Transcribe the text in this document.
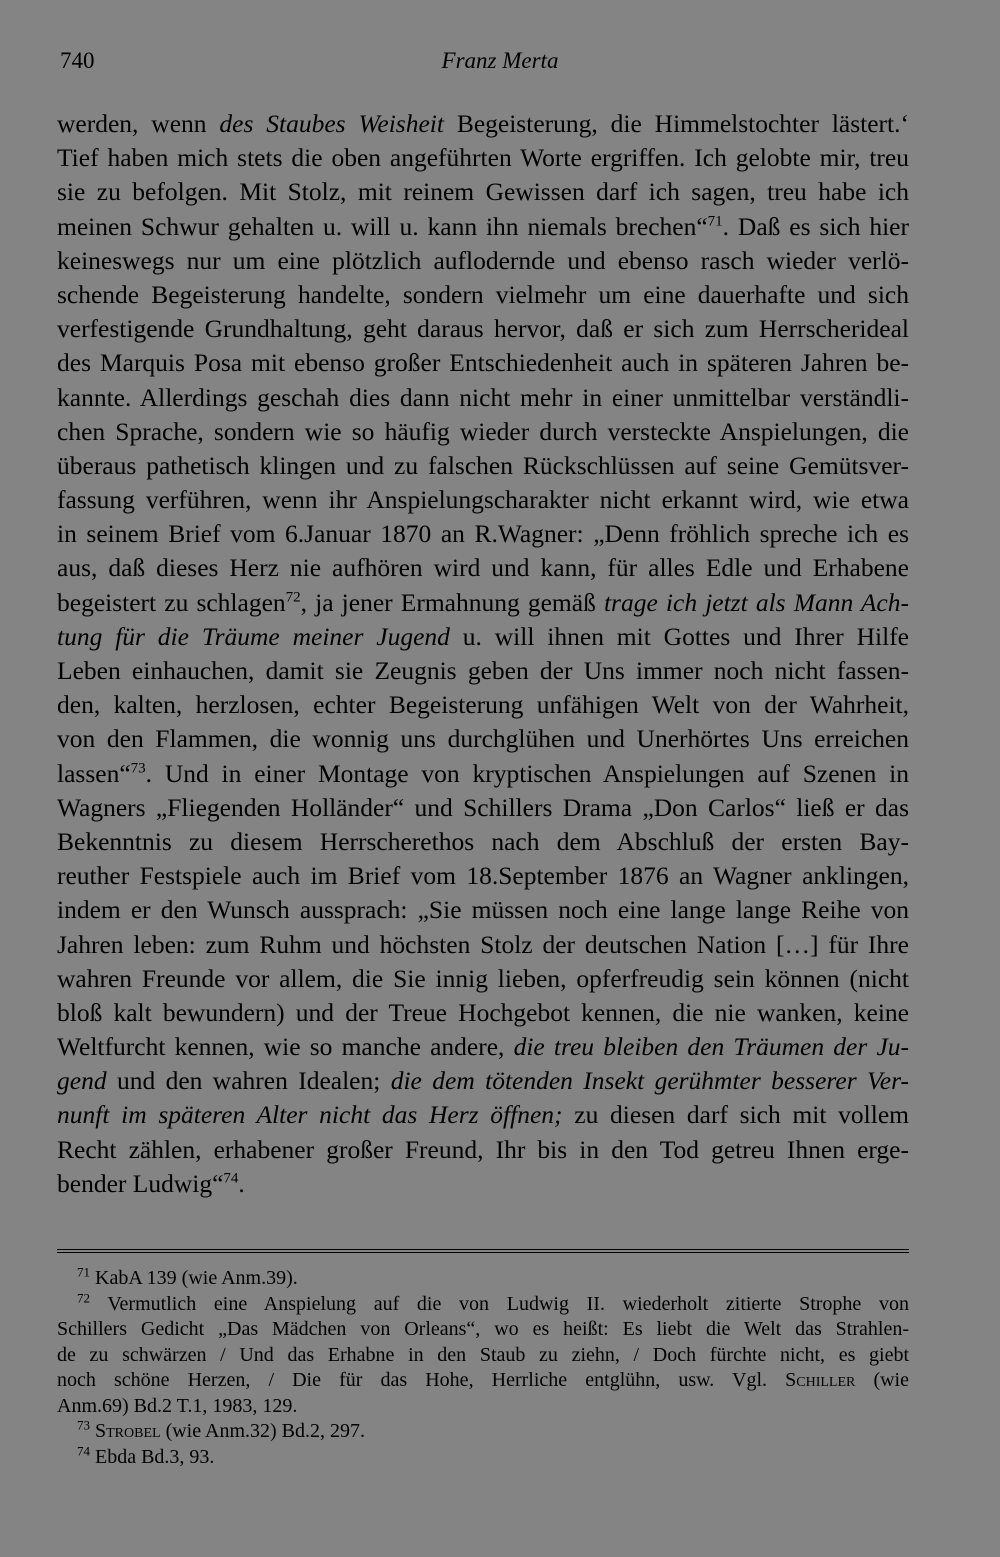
740	Franz Merta
werden, wenn des Staubes Weisheit Begeisterung, die Himmelstochter lästert.‘
Tief haben mich stets die oben angeführten Worte ergriffen. Ich gelobte mir, treu
sie zu befolgen. Mit Stolz, mit reinem Gewissen darf ich sagen, treu habe ich
meinen Schwur gehalten u. will u. kann ihn niemals brechen“$^{71}$. Daß es sich hier
keineswegs nur um eine plötzlich auflodernde und ebenso rasch wieder verlö-
schende Begeisterung handelte, sondern vielmehr um eine dauerhafte und sich
verfestigende Grundhaltung, geht daraus hervor, daß er sich zum Herrscherideal
des Marquis Posa mit ebenso großer Entschiedenheit auch in späteren Jahren be-
kannte. Allerdings geschah dies dann nicht mehr in einer unmittelbar verständli-
chen Sprache, sondern wie so häufig wieder durch versteckte Anspielungen, die
überaus pathetisch klingen und zu falschen Rückschlüssen auf seine Gemütsver-
fassung verführen, wenn ihr Anspielungscharakter nicht erkannt wird, wie etwa
in seinem Brief vom 6.Januar 1870 an R.Wagner: „Denn fröhlich spreche ich es
aus, daß dieses Herz nie aufhören wird und kann, für alles Edle und Erhabene
begeistert zu schlagen$^{72}$, ja jener Ermahnung gemäß trage ich jetzt als Mann Ach-
tung für die Träume meiner Jugend u. will ihnen mit Gottes und Ihrer Hilfe
Leben einhauchen, damit sie Zeugnis geben der Uns immer noch nicht fassen-
den, kalten, herzlosen, echter Begeisterung unfähigen Welt von der Wahrheit,
von den Flammen, die wonnig uns durchglühen und Unerhörtes Uns erreichen
lassen“$^{73}$. Und in einer Montage von kryptischen Anspielungen auf Szenen in
Wagners „Fliegenden Holländer“ und Schillers Drama „Don Carlos“ ließ er das
Bekenntnis zu diesem Herrscherethos nach dem Abschluß der ersten Bay-
reuther Festspiele auch im Brief vom 18.September 1876 an Wagner anklingen,
indem er den Wunsch aussprach: „Sie müssen noch eine lange lange Reihe von
Jahren leben: zum Ruhm und höchsten Stolz der deutschen Nation […] für Ihre
wahren Freunde vor allem, die Sie innig lieben, opferfreudig sein können (nicht
bloß kalt bewundern) und der Treue Hochgebot kennen, die nie wanken, keine
Weltfurcht kennen, wie so manche andere, die treu bleiben den Träumen der Ju-
gend und den wahren Idealen; die dem tötenden Insekt gerühmter besserer Ver-
nunft im späteren Alter nicht das Herz öffnen; zu diesen darf sich mit vollem
Recht zählen, erhabener großer Freund, Ihr bis in den Tod getreu Ihnen erge-
bender Ludwig“$^{74}$.
$^{71}$ KabA 139 (wie Anm.39).
$^{72}$ Vermutlich eine Anspielung auf die von Ludwig II. wiederholt zitierte Strophe von
Schillers Gedicht „Das Mädchen von Orleans“, wo es heißt: Es liebt die Welt das Strahlen-
de zu schwärzen / Und das Erhabne in den Staub zu ziehn, / Doch fürchte nicht, es giebt
noch schöne Herzen, / Die für das Hohe, Herrliche entglühn, usw. Vgl. Schiller (wie
Anm.69) Bd.2 T.1, 1983, 129.
$^{73}$ Strobel (wie Anm.32) Bd.2, 297.
$^{74}$ Ebda Bd.3, 93.
